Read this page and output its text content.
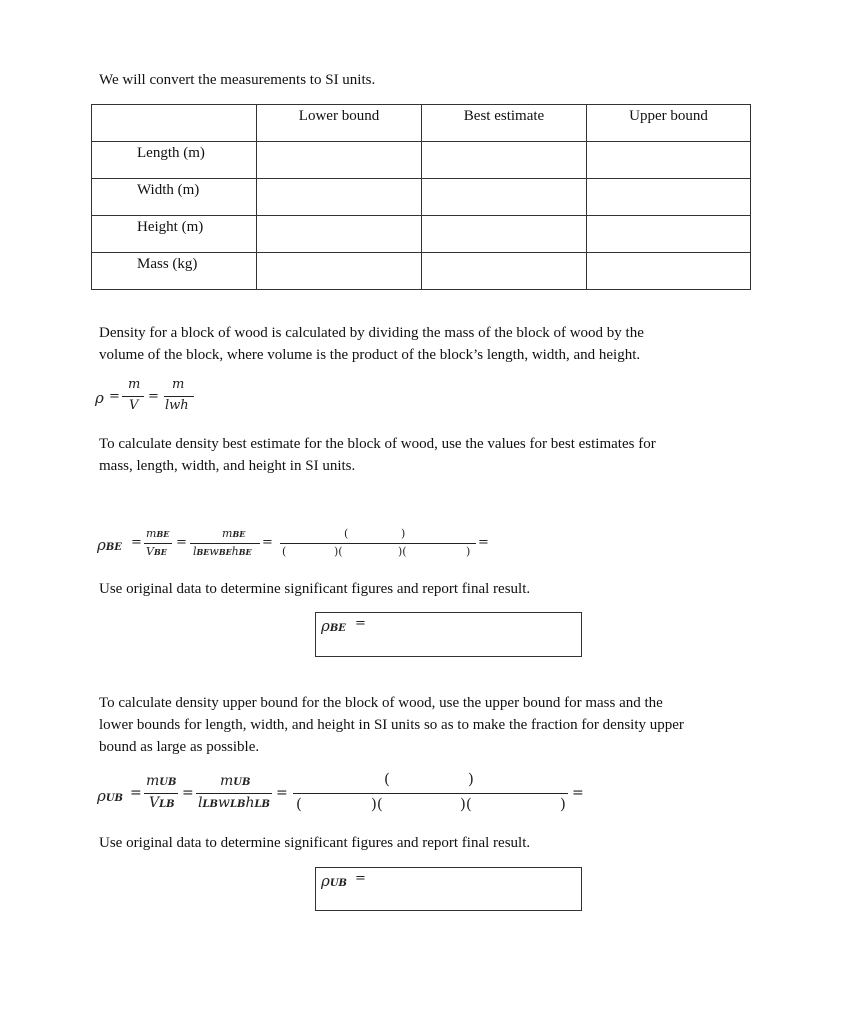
We will convert the measurements to SI units.
	Lower bound	Best estimate	Upper bound
Length (m)			
Width (m)			
Height (m)			
Mass (kg)			
Density for a block of wood is calculated by dividing the mass of the block of wood by the
volume of the block, where volume is the product of the block’s length, width, and height.
ρ =
m
V
=
m
lwh
To calculate density best estimate for the block of wood, use the values for best estimates for
mass, length, width, and height in SI units.
ρBE =
mBE
VBE
=
mBE
lBEwBEhBE
=
(	)
(	)(	)(	)
=
Use original data to determine significant figures and report final result.
ρBE =
To calculate density upper bound for the block of wood, use the upper bound for mass and the
lower bounds for length, width, and height in SI units so as to make the fraction for density upper
bound as large as possible.
ρUB =
mUB
VLB
=
mUB
lLBwLBhLB
=
(	)
(	)(	)(	)
=
Use original data to determine significant figures and report final result.
ρUB =
